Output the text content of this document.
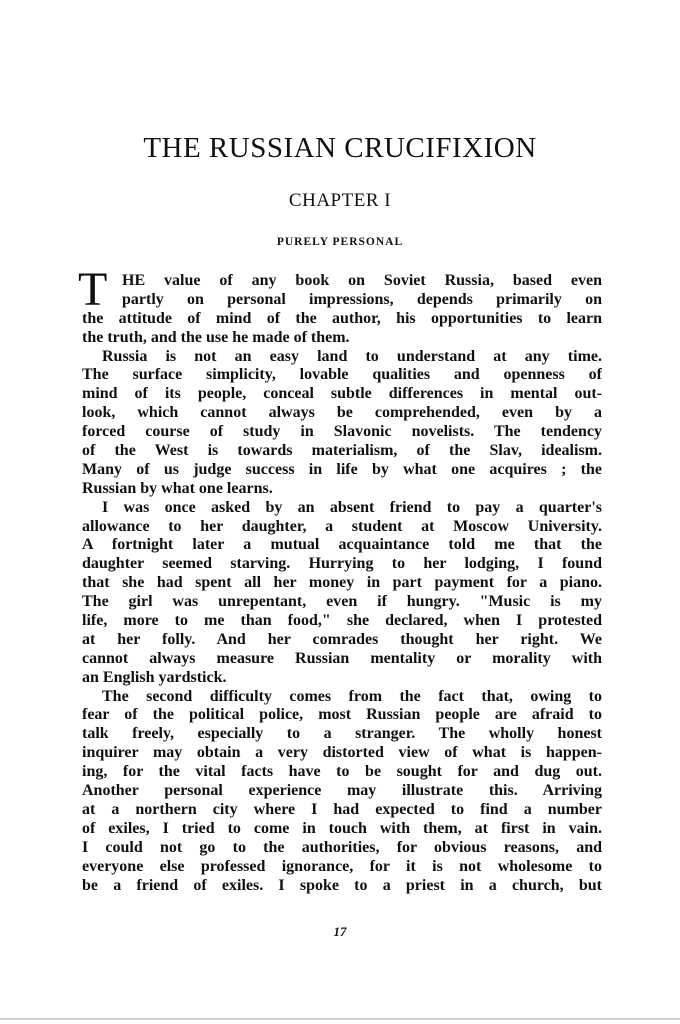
THE RUSSIAN CRUCIFIXION
CHAPTER I
PURELY PERSONAL
T HE value of any book on Soviet Russia, based even
partly on personal impressions, depends primarily on
the attitude of mind of the author, his opportunities to learn
the truth, and the use he made of them.
Russia is not an easy land to understand at any time.
The surface simplicity, lovable qualities and openness of
mind of its people, conceal subtle differences in mental out-
look, which cannot always be comprehended, even by a
forced course of study in Slavonic novelists. The tendency
of the West is towards materialism, of the Slav, idealism.
Many of us judge success in life by what one acquires ; the
Russian by what one learns.
I was once asked by an absent friend to pay a quarter's
allowance to her daughter, a student at Moscow University.
A fortnight later a mutual acquaintance told me that the
daughter seemed starving. Hurrying to her lodging, I found
that she had spent all her money in part payment for a piano.
The girl was unrepentant, even if hungry. "Music is my
life, more to me than food," she declared, when I protested
at her folly. And her comrades thought her right. We
cannot always measure Russian mentality or morality with
an English yardstick.
The second difficulty comes from the fact that, owing to
fear of the political police, most Russian people are afraid to
talk freely, especially to a stranger. The wholly honest
inquirer may obtain a very distorted view of what is happen-
ing, for the vital facts have to be sought for and dug out.
Another personal experience may illustrate this. Arriving
at a northern city where I had expected to find a number
of exiles, I tried to come in touch with them, at first in vain.
I could not go to the authorities, for obvious reasons, and
everyone else professed ignorance, for it is not wholesome to
be a friend of exiles. I spoke to a priest in a church, but
17
